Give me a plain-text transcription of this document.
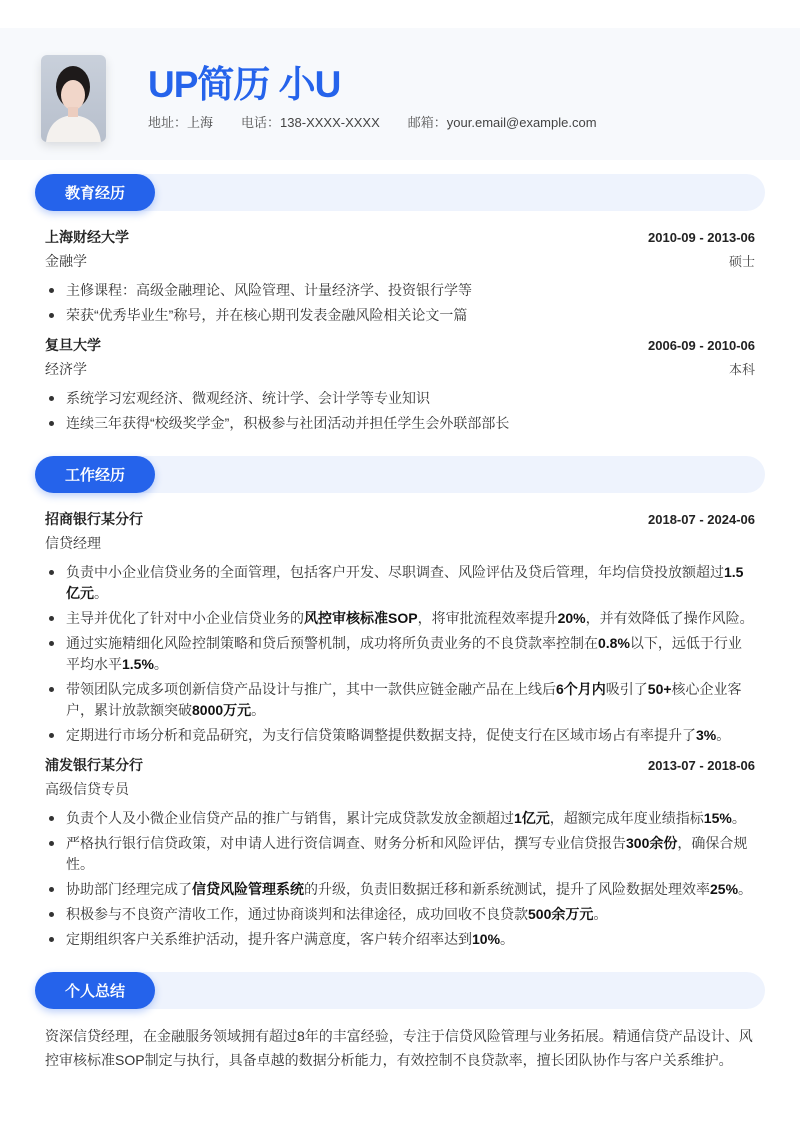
UP简历 小U
地址：上海 电话：138-XXXX-XXXX 邮箱：your.email@example.com
教育经历
上海财经大学	2010-09 - 2013-06
金融学	硕士
主修课程：高级金融理论、风险管理、计量经济学、投资银行学等
荣获“优秀毕业生”称号，并在核心期刊发表金融风险相关论文一篇
复旦大学	2006-09 - 2010-06
经济学	本科
系统学习宏观经济、微观经济、统计学、会计学等专业知识
连续三年获得“校级奖学金”，积极参与社团活动并担任学生会外联部部长
工作经历
招商银行某分行	2018-07 - 2024-06
信贷经理
负责中小企业信贷业务的全面管理，包括客户开发、尽职调查、风险评估及贷后管理，年均信贷投放额超过1.5亿元。
主导并优化了针对中小企业信贷业务的风控审核标准SOP，将审批流程效率提升20%，并有效降低了操作风险。
通过实施精细化风险控制策略和贷后预警机制，成功将所负责业务的不良贷款率控制在0.8%以下，远低于行业平均水平1.5%。
带领团队完成多项创新信贷产品设计与推广，其中一款供应链金融产品在上线后6个月内吸引了50+核心企业客户，累计放款额突破8000万元。
定期进行市场分析和竞品研究，为支行信贷策略调整提供数据支持，促使支行在区域市场占有率提升了3%。
浦发银行某分行	2013-07 - 2018-06
高级信贷专员
负责个人及小微企业信贷产品的推广与销售，累计完成贷款发放金额超过1亿元，超额完成年度业绩指标15%。
严格执行银行信贷政策，对申请人进行资信调查、财务分析和风险评估，撰写专业信贷报告300余份，确保合规性。
协助部门经理完成了信贷风险管理系统的升级，负责旧数据迁移和新系统测试，提升了风险数据处理效率25%。
积极参与不良资产清收工作，通过协商谈判和法律途径，成功回收不良贷款500余万元。
定期组织客户关系维护活动，提升客户满意度，客户转介绍率达到10%。
个人总结
资深信贷经理，在金融服务领域拥有超过8年的丰富经验，专注于信贷风险管理与业务拓展。精通信贷产品设计、风控审核标准SOP制定与执行，具备卓越的数据分析能力，有效控制不良贷款率，擅长团队协作与客户关系维护。
